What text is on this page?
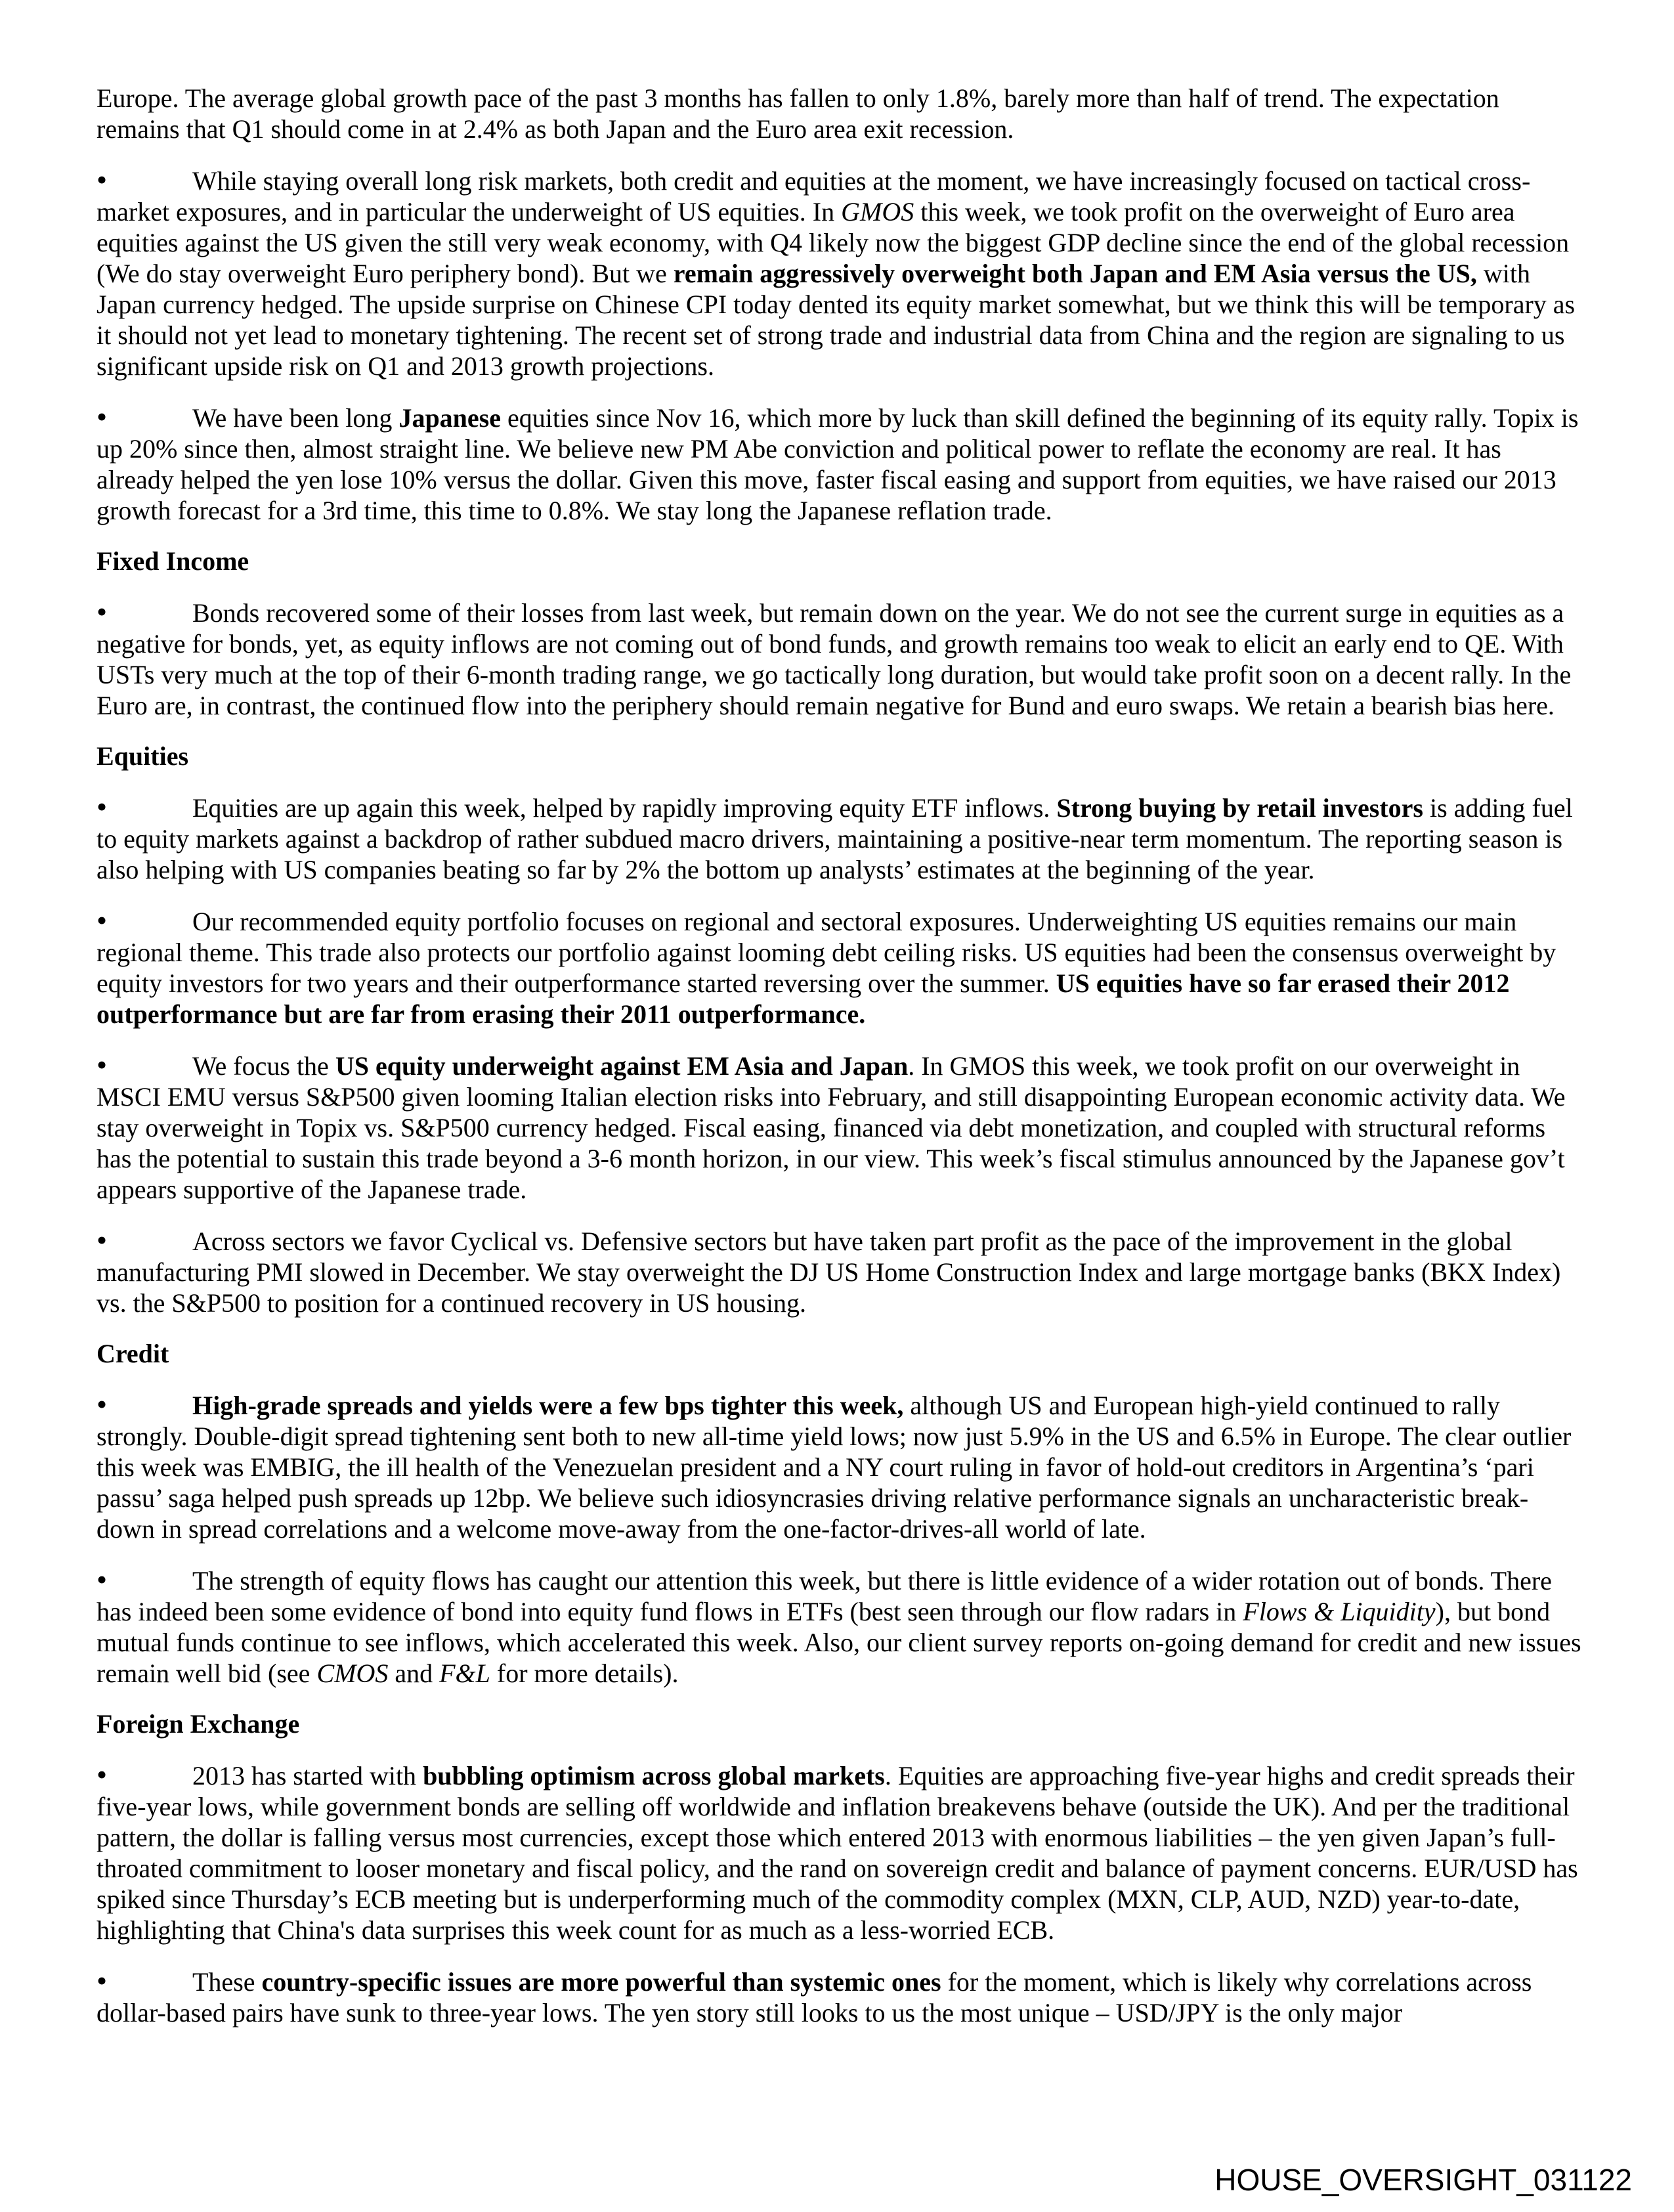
Europe. The average global growth pace of the past 3 months has fallen to only 1.8%, barely more than half of trend. The expectation remains that Q1 should come in at 2.4% as both Japan and the Euro area exit recession.

•	While staying overall long risk markets, both credit and equities at the moment, we have increasingly focused on tactical cross-market exposures, and in particular the underweight of US equities. In GMOS this week, we took profit on the overweight of Euro area equities against the US given the still very weak economy, with Q4 likely now the biggest GDP decline since the end of the global recession (We do stay overweight Euro periphery bond). But we remain aggressively overweight both Japan and EM Asia versus the US, with Japan currency hedged. The upside surprise on Chinese CPI today dented its equity market somewhat, but we think this will be temporary as it should not yet lead to monetary tightening. The recent set of strong trade and industrial data from China and the region are signaling to us significant upside risk on Q1 and 2013 growth projections.

•	We have been long Japanese equities since Nov 16, which more by luck than skill defined the beginning of its equity rally. Topix is up 20% since then, almost straight line. We believe new PM Abe conviction and political power to reflate the economy are real. It has already helped the yen lose 10% versus the dollar. Given this move, faster fiscal easing and support from equities, we have raised our 2013 growth forecast for a 3rd time, this time to 0.8%. We stay long the Japanese reflation trade.

Fixed Income

•	Bonds recovered some of their losses from last week, but remain down on the year. We do not see the current surge in equities as a negative for bonds, yet, as equity inflows are not coming out of bond funds, and growth remains too weak to elicit an early end to QE. With USTs very much at the top of their 6-month trading range, we go tactically long duration, but would take profit soon on a decent rally. In the Euro are, in contrast, the continued flow into the periphery should remain negative for Bund and euro swaps. We retain a bearish bias here.

Equities

•	Equities are up again this week, helped by rapidly improving equity ETF inflows. Strong buying by retail investors is adding fuel to equity markets against a backdrop of rather subdued macro drivers, maintaining a positive-near term momentum. The reporting season is also helping with US companies beating so far by 2% the bottom up analysts’ estimates at the beginning of the year.

•	Our recommended equity portfolio focuses on regional and sectoral exposures. Underweighting US equities remains our main regional theme. This trade also protects our portfolio against looming debt ceiling risks. US equities had been the consensus overweight by equity investors for two years and their outperformance started reversing over the summer. US equities have so far erased their 2012 outperformance but are far from erasing their 2011 outperformance.

•	We focus the US equity underweight against EM Asia and Japan. In GMOS this week, we took profit on our overweight in MSCI EMU versus S&P500 given looming Italian election risks into February, and still disappointing European economic activity data. We stay overweight in Topix vs. S&P500 currency hedged. Fiscal easing, financed via debt monetization, and coupled with structural reforms has the potential to sustain this trade beyond a 3-6 month horizon, in our view. This week’s fiscal stimulus announced by the Japanese gov’t appears supportive of the Japanese trade.

•	Across sectors we favor Cyclical vs. Defensive sectors but have taken part profit as the pace of the improvement in the global manufacturing PMI slowed in December. We stay overweight the DJ US Home Construction Index and large mortgage banks (BKX Index) vs. the S&P500 to position for a continued recovery in US housing.

Credit

•	High-grade spreads and yields were a few bps tighter this week, although US and European high-yield continued to rally strongly. Double-digit spread tightening sent both to new all-time yield lows; now just 5.9% in the US and 6.5% in Europe. The clear outlier this week was EMBIG, the ill health of the Venezuelan president and a NY court ruling in favor of hold-out creditors in Argentina’s ‘pari passu’ saga helped push spreads up 12bp. We believe such idiosyncrasies driving relative performance signals an uncharacteristic break-down in spread correlations and a welcome move-away from the one-factor-drives-all world of late.

•	The strength of equity flows has caught our attention this week, but there is little evidence of a wider rotation out of bonds. There has indeed been some evidence of bond into equity fund flows in ETFs (best seen through our flow radars in Flows & Liquidity), but bond mutual funds continue to see inflows, which accelerated this week. Also, our client survey reports on-going demand for credit and new issues remain well bid (see CMOS and F&L for more details).

Foreign Exchange

•	2013 has started with bubbling optimism across global markets. Equities are approaching five-year highs and credit spreads their five-year lows, while government bonds are selling off worldwide and inflation breakevens behave (outside the UK). And per the traditional pattern, the dollar is falling versus most currencies, except those which entered 2013 with enormous liabilities – the yen given Japan’s full-throated commitment to looser monetary and fiscal policy, and the rand on sovereign credit and balance of payment concerns. EUR/USD has spiked since Thursday’s ECB meeting but is underperforming much of the commodity complex (MXN, CLP, AUD, NZD) year-to-date, highlighting that China's data surprises this week count for as much as a less-worried ECB.

•	These country-specific issues are more powerful than systemic ones for the moment, which is likely why correlations across dollar-based pairs have sunk to three-year lows. The yen story still looks to us the most unique – USD/JPY is the only major

HOUSE_OVERSIGHT_031122
